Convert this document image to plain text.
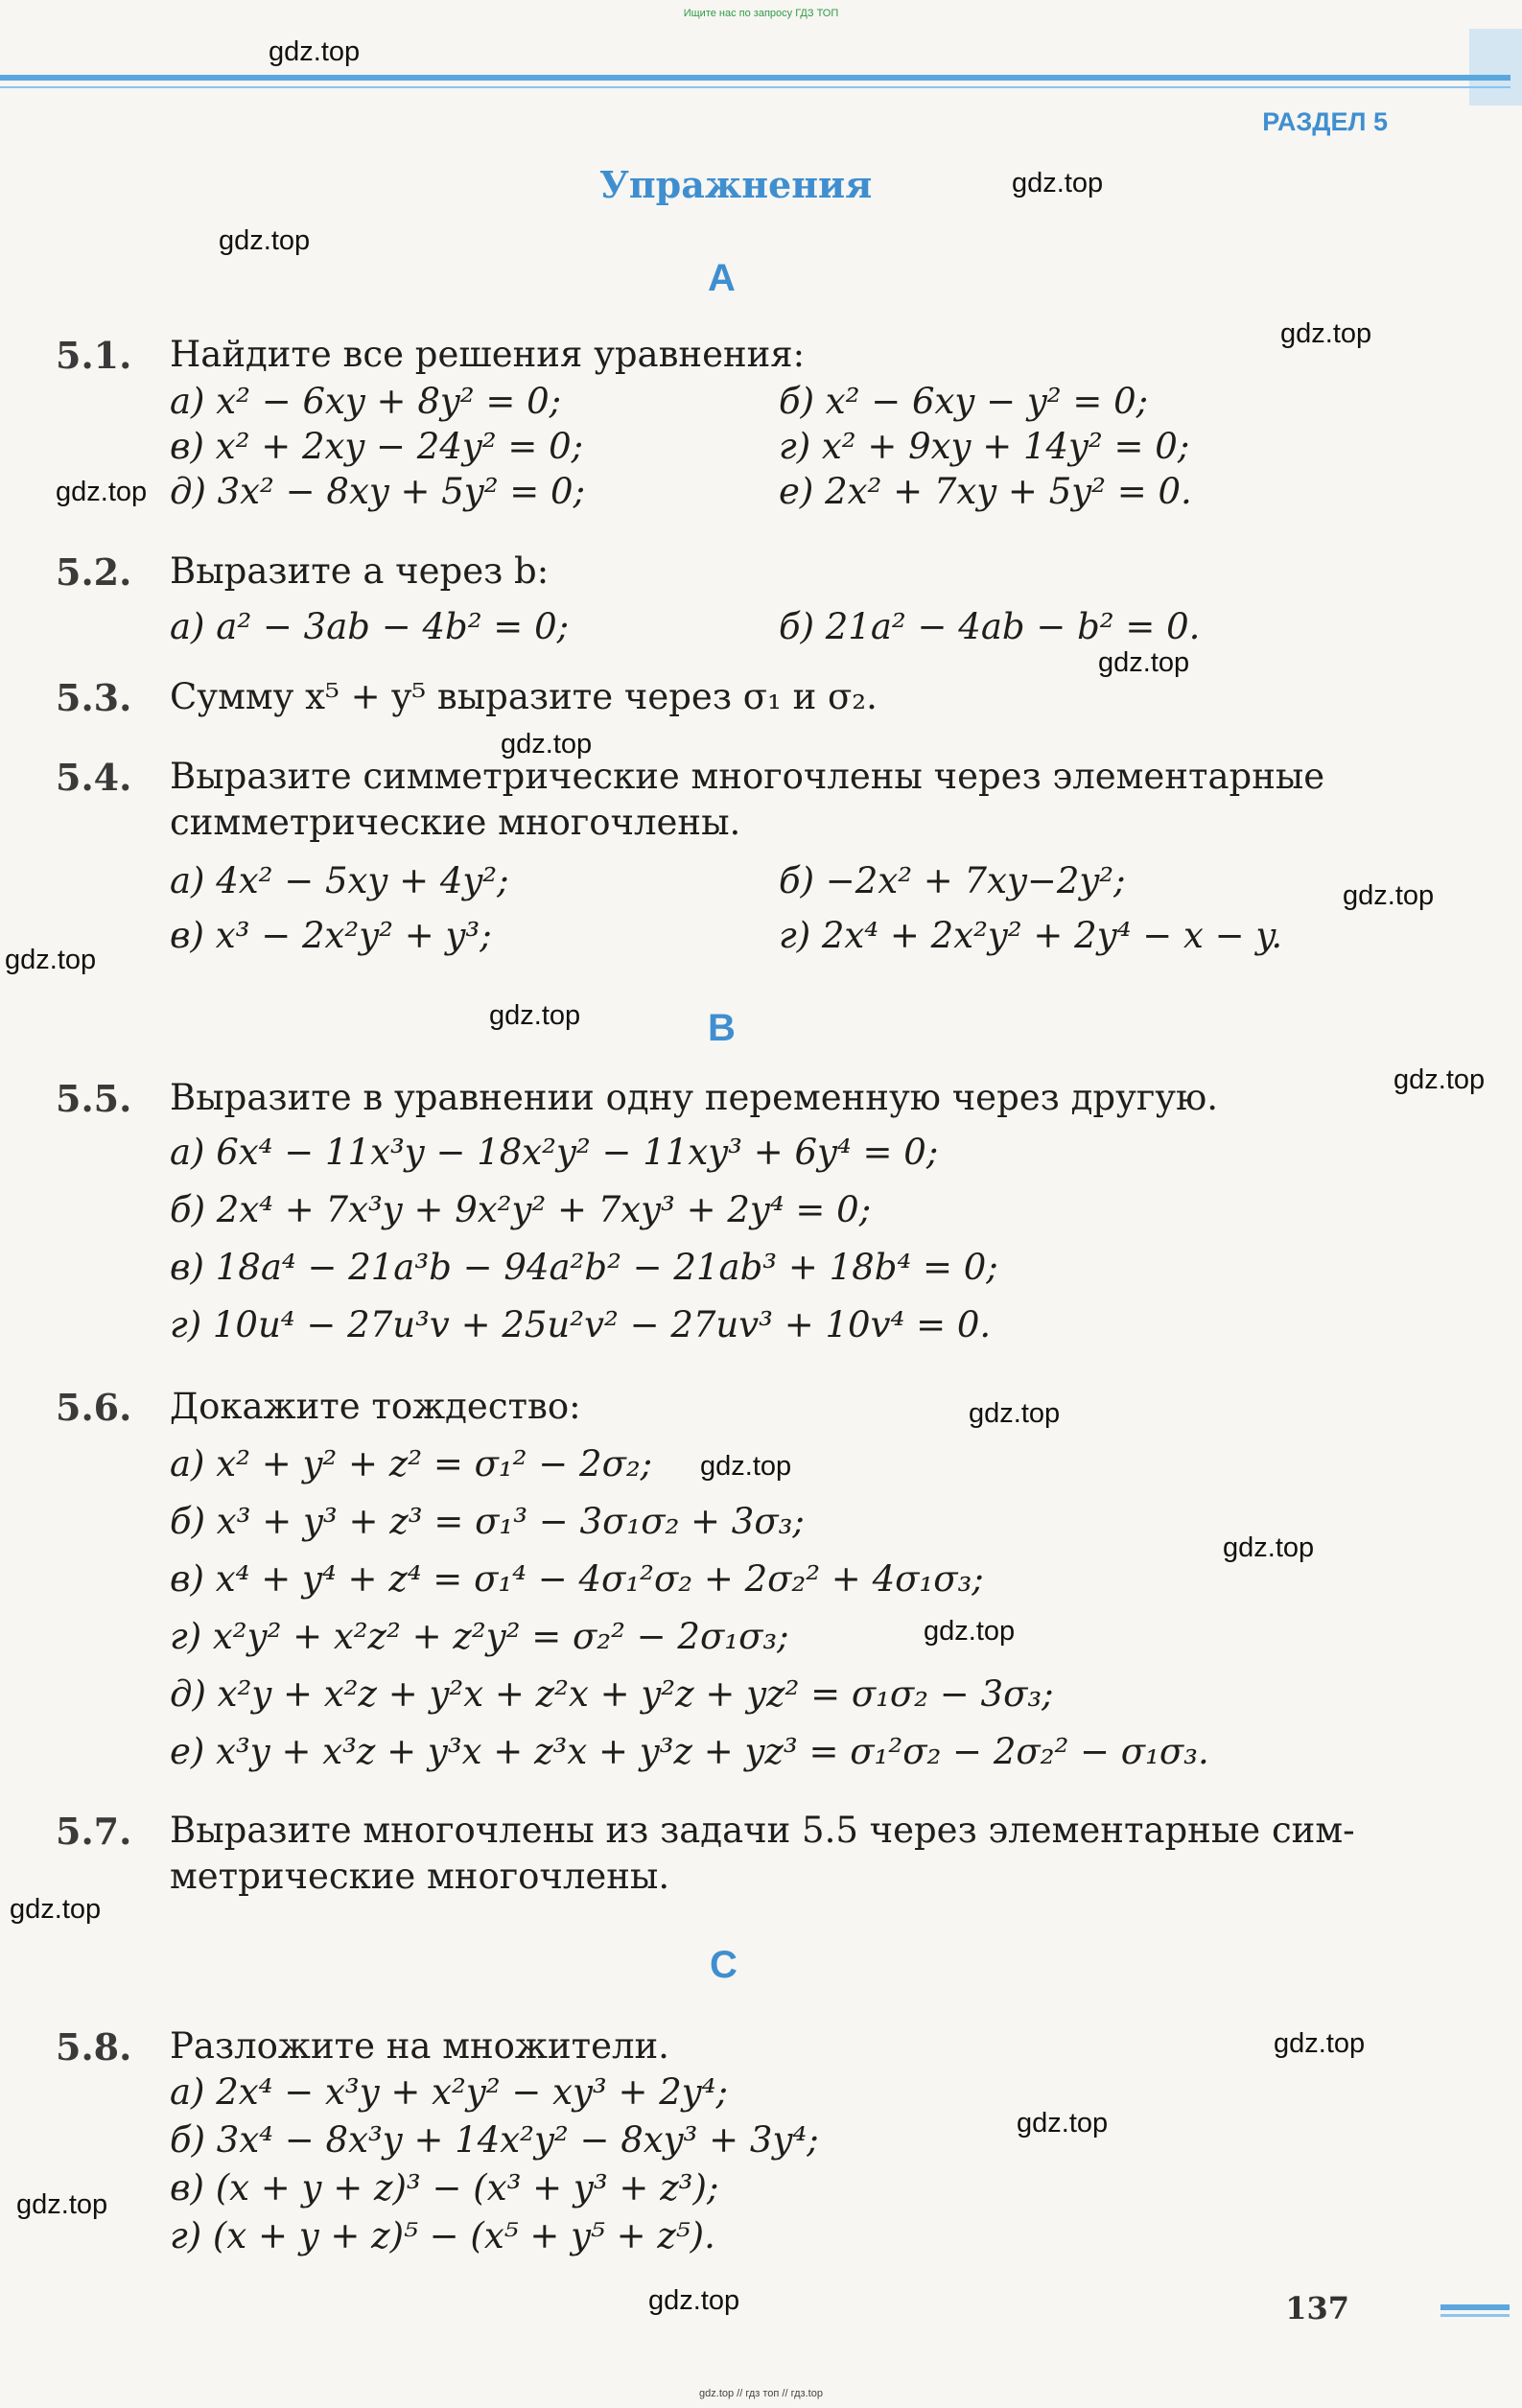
Ищите нас по запросу ГДЗ ТОП
РАЗДЕЛ 5
gdz.top
gdz.top
gdz.top
gdz.top
gdz.top
gdz.top
gdz.top
gdz.top
gdz.top
gdz.top
gdz.top
gdz.top
gdz.top
gdz.top
gdz.top
gdz.top
gdz.top
gdz.top
gdz.top
gdz.top
Упражнения
А
5.1. Найдите все решения уравнения:
а) x² − 6xy + 8y² = 0;	б) x² − 6xy − y² = 0;
в) x² + 2xy − 24y² = 0;	г) x² + 9xy + 14y² = 0;
д) 3x² − 8xy + 5y² = 0;	е) 2x² + 7xy + 5y² = 0.
5.2. Выразите a через b:
а) a² − 3ab − 4b² = 0;	б) 21a² − 4ab − b² = 0.
5.3. Сумму x⁵ + y⁵ выразите через σ₁ и σ₂.
5.4. Выразите симметрические многочлены через элементарные
симметрические многочлены.
а) 4x² − 5xy + 4y²;	б) −2x² + 7xy−2y²;
в) x³ − 2x²y² + y³;	г) 2x⁴ + 2x²y² + 2y⁴ − x − y.
В
5.5. Выразите в уравнении одну переменную через другую.
а) 6x⁴ − 11x³y − 18x²y² − 11xy³ + 6y⁴ = 0;
б) 2x⁴ + 7x³y + 9x²y² + 7xy³ + 2y⁴ = 0;
в) 18a⁴ − 21a³b − 94a²b² − 21ab³ + 18b⁴ = 0;
г) 10u⁴ − 27u³v + 25u²v² − 27uv³ + 10v⁴ = 0.
5.6. Докажите тождество:
а) x² + y² + z² = σ₁² − 2σ₂;
б) x³ + y³ + z³ = σ₁³ − 3σ₁σ₂ + 3σ₃;
в) x⁴ + y⁴ + z⁴ = σ₁⁴ − 4σ₁²σ₂ + 2σ₂² + 4σ₁σ₃;
г) x²y² + x²z² + z²y² = σ₂² − 2σ₁σ₃;
д) x²y + x²z + y²x + z²x + y²z + yz² = σ₁σ₂ − 3σ₃;
е) x³y + x³z + y³x + z³x + y³z + yz³ = σ₁²σ₂ − 2σ₂² − σ₁σ₃.
5.7. Выразите многочлены из задачи 5.5 через элементарные сим-
метрические многочлены.
С
5.8. Разложите на множители.
а) 2x⁴ − x³y + x²y² − xy³ + 2y⁴;
б) 3x⁴ − 8x³y + 14x²y² − 8xy³ + 3y⁴;
в) (x + y + z)³ − (x³ + y³ + z³);
г) (x + y + z)⁵ − (x⁵ + y⁵ + z⁵).
137
gdz.top // гдз топ // гдз.top
